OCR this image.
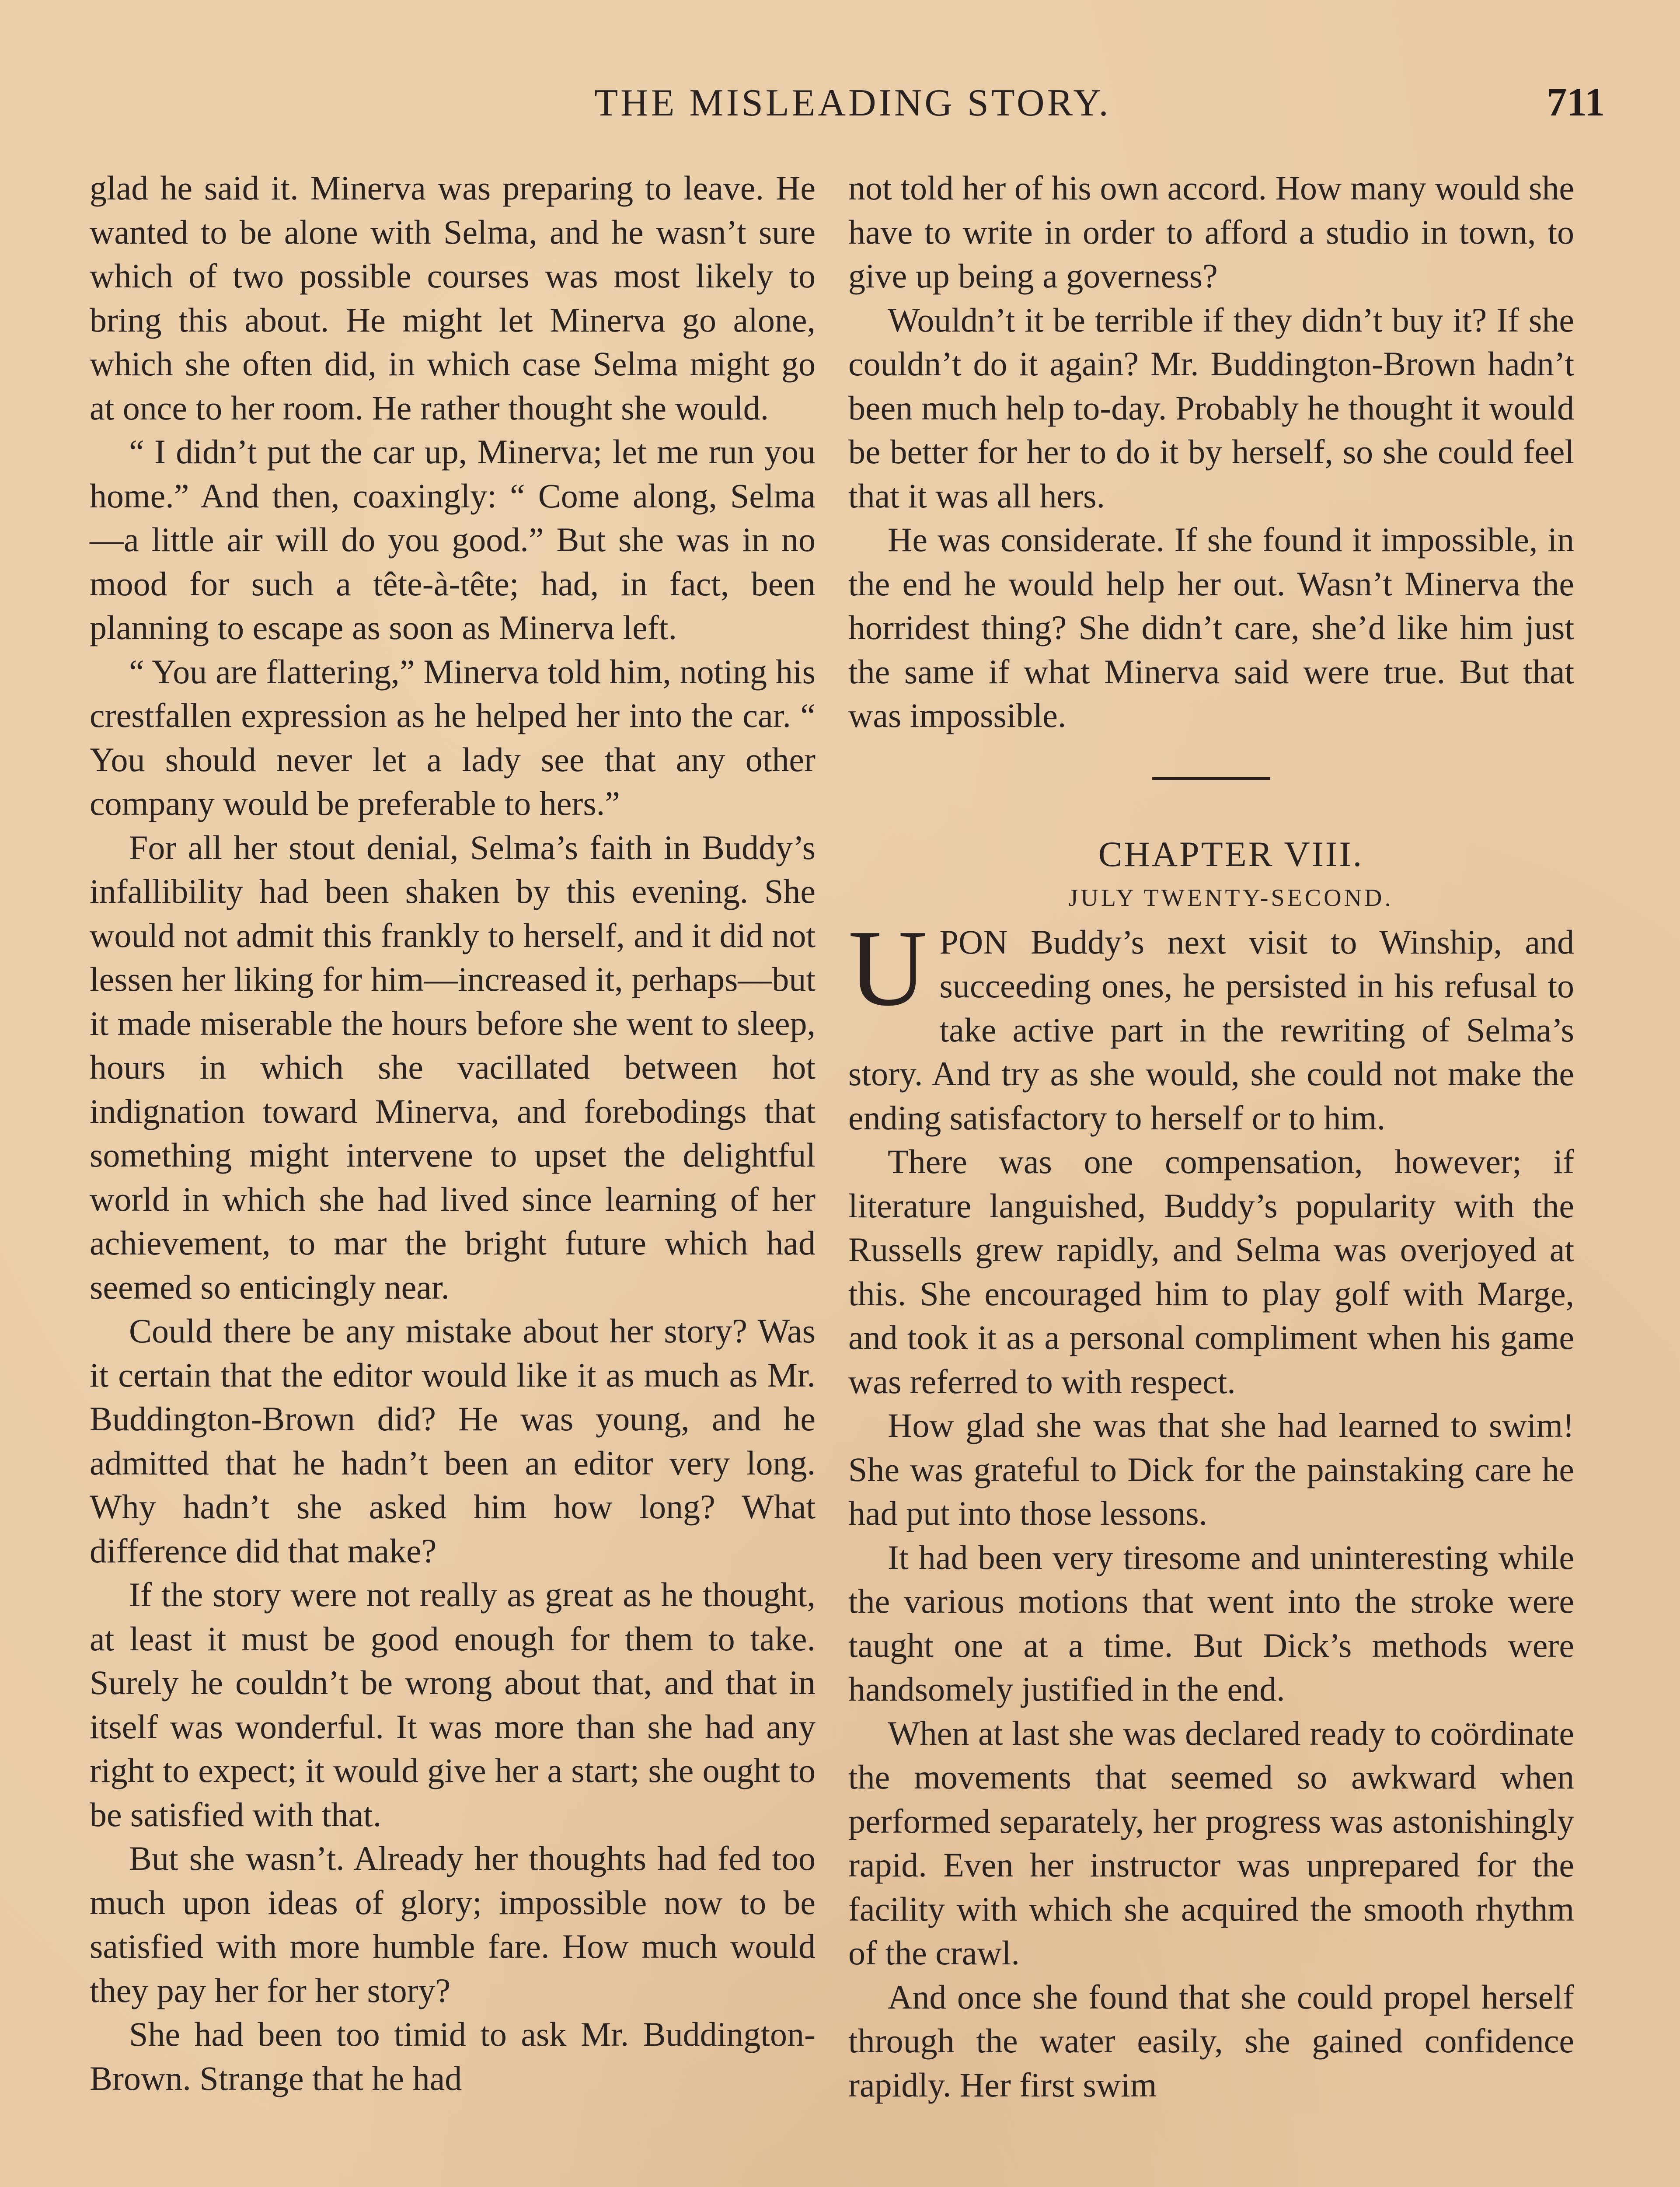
THE MISLEADING STORY.	711

glad he said it. Minerva was preparing to leave. He wanted to be alone with Selma, and he wasn’t sure which of two possible courses was most likely to bring this about. He might let Minerva go alone, which she often did, in which case Selma might go at once to her room. He rather thought she would.

“ I didn’t put the car up, Minerva; let me run you home.” And then, coaxingly: “ Come along, Selma—a little air will do you good.” But she was in no mood for such a tête-à-tête; had, in fact, been planning to escape as soon as Minerva left.

“ You are flattering,” Minerva told him, noting his crestfallen expression as he helped her into the car. “ You should never let a lady see that any other company would be preferable to hers.”

For all her stout denial, Selma’s faith in Buddy’s infallibility had been shaken by this evening. She would not admit this frankly to herself, and it did not lessen her liking for him—increased it, perhaps—but it made miserable the hours before she went to sleep, hours in which she vacillated between hot indignation toward Minerva, and forebodings that something might intervene to upset the delightful world in which she had lived since learning of her achievement, to mar the bright future which had seemed so enticingly near.

Could there be any mistake about her story? Was it certain that the editor would like it as much as Mr. Buddington-Brown did? He was young, and he admitted that he hadn’t been an editor very long. Why hadn’t she asked him how long? What difference did that make?

If the story were not really as great as he thought, at least it must be good enough for them to take. Surely he couldn’t be wrong about that, and that in itself was wonderful. It was more than she had any right to expect; it would give her a start; she ought to be satisfied with that.

But she wasn’t. Already her thoughts had fed too much upon ideas of glory; impossible now to be satisfied with more humble fare. How much would they pay her for her story?

She had been too timid to ask Mr. Buddington-Brown. Strange that he had

not told her of his own accord. How many would she have to write in order to afford a studio in town, to give up being a governess?

Wouldn’t it be terrible if they didn’t buy it? If she couldn’t do it again? Mr. Buddington-Brown hadn’t been much help to-day. Probably he thought it would be better for her to do it by herself, so she could feel that it was all hers.

He was considerate. If she found it impossible, in the end he would help her out. Wasn’t Minerva the horridest thing? She didn’t care, she’d like him just the same if what Minerva said were true. But that was impossible.

CHAPTER VIII.

JULY TWENTY-SECOND.

UPON Buddy’s next visit to Winship, and succeeding ones, he persisted in his refusal to take active part in the rewriting of Selma’s story. And try as she would, she could not make the ending satisfactory to herself or to him.

There was one compensation, however; if literature languished, Buddy’s popularity with the Russells grew rapidly, and Selma was overjoyed at this. She encouraged him to play golf with Marge, and took it as a personal compliment when his game was referred to with respect.

How glad she was that she had learned to swim! She was grateful to Dick for the painstaking care he had put into those lessons.

It had been very tiresome and uninteresting while the various motions that went into the stroke were taught one at a time. But Dick’s methods were handsomely justified in the end.

When at last she was declared ready to coördinate the movements that seemed so awkward when performed separately, her progress was astonishingly rapid. Even her instructor was unprepared for the facility with which she acquired the smooth rhythm of the crawl.

And once she found that she could propel herself through the water easily, she gained confidence rapidly. Her first swim
